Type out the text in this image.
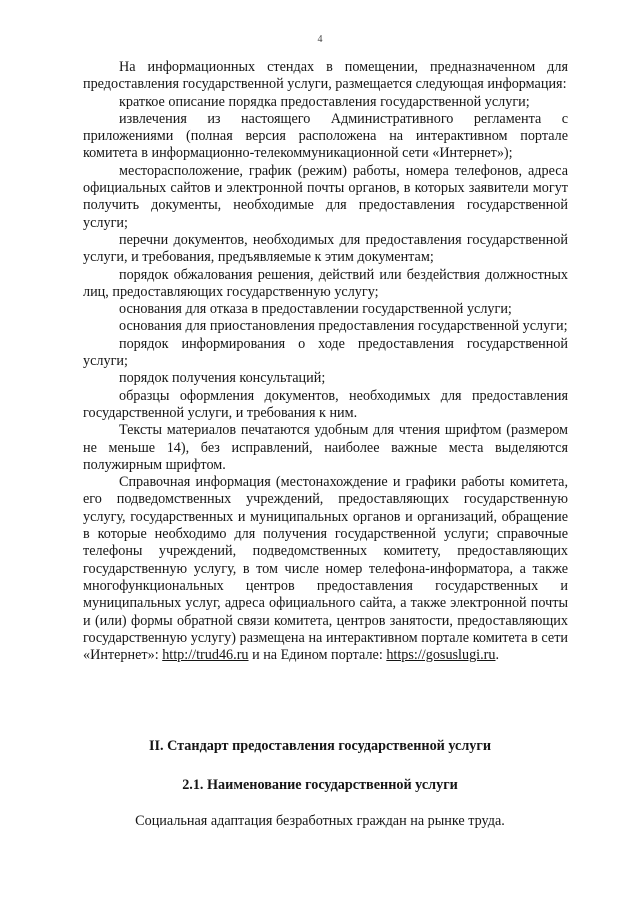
4

На информационных стендах в помещении, предназначенном для предоставления государственной услуги, размещается следующая информация:

краткое описание порядка предоставления государственной услуги;

извлечения из настоящего Административного регламента с приложениями (полная версия расположена на интерактивном портале комитета в информационно-телекоммуникационной сети «Интернет»);

месторасположение, график (режим) работы, номера телефонов, адреса официальных сайтов и электронной почты органов, в которых заявители могут получить документы, необходимые для предоставления государственной услуги;

перечни документов, необходимых для предоставления государственной услуги, и требования, предъявляемые к этим документам;

порядок обжалования решения, действий или бездействия должностных лиц, предоставляющих государственную услугу;

основания для отказа в предоставлении государственной услуги;

основания для приостановления предоставления государственной услуги;

порядок информирования о ходе предоставления государственной услуги;

порядок получения консультаций;

образцы оформления документов, необходимых для предоставления государственной услуги, и требования к ним.

Тексты материалов печатаются удобным для чтения шрифтом (размером не меньше 14), без исправлений, наиболее важные места выделяются полужирным шрифтом.

Справочная информация (местонахождение и графики работы комитета, его подведомственных учреждений, предоставляющих государственную услугу, государственных и муниципальных органов и организаций, обращение в которые необходимо для получения государственной услуги; справочные телефоны учреждений, подведомственных комитету, предоставляющих государственную услугу, в том числе номер телефона-информатора, а также многофункциональных центров предоставления государственных и муниципальных услуг, адреса официального сайта, а также электронной почты и (или) формы обратной связи комитета, центров занятости, предоставляющих государственную услугу) размещена на интерактивном портале комитета в сети «Интернет»: http://trud46.ru и на Едином портале: https://gosuslugi.ru.

II. Стандарт предоставления государственной услуги
2.1. Наименование государственной услуги
Социальная адаптация безработных граждан на рынке труда.
